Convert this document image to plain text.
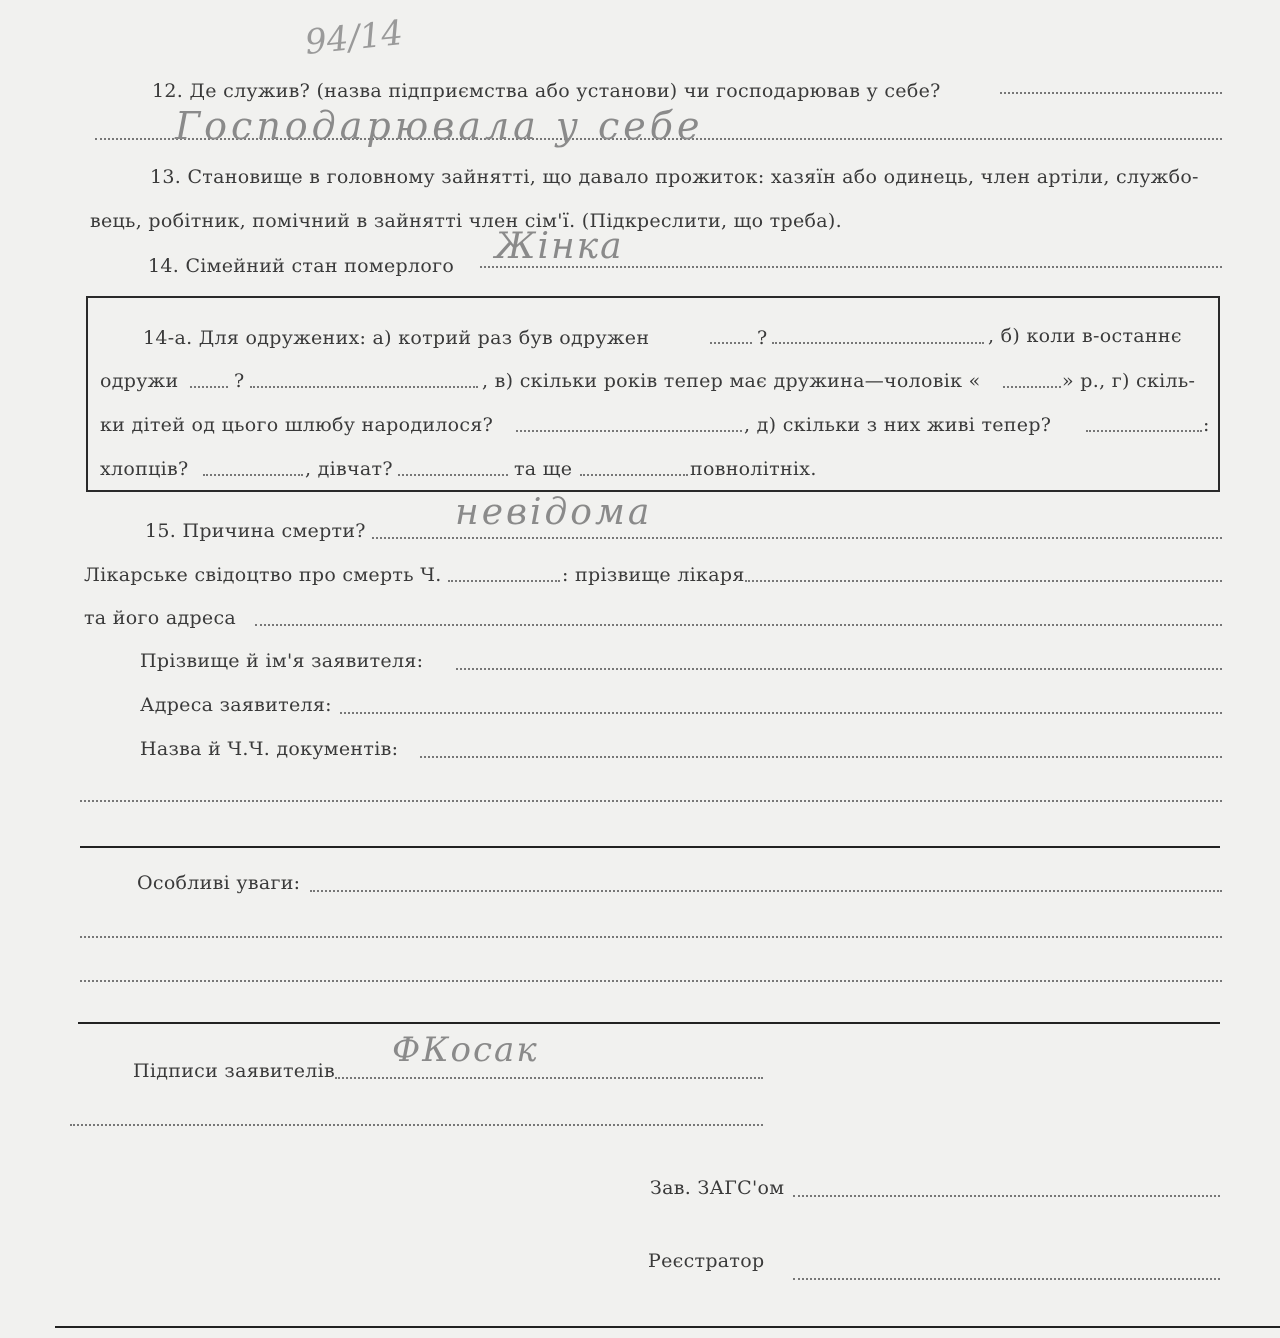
94/14
12. Де служив? (назва підприємства або установи) чи господарював у себе?
Господарювала у себе
13. Становище в головному зайнятті, що давало прожиток: хазяїн або одинець, член артіли, службо-
вець, робітник, помічний в зайнятті член сім'ї. (Підкреслити, що треба).
14. Сімейний стан померлого Жінка
14-а. Для одружених: а) котрий раз був одружен	?	, б) коли в-останнє
одружи	?	, в) скільки років тепер має дружина—чоловік «	» р., г) скіль-
ки дітей од цього шлюбу народилося?	, д) скільки з них живі тепер?	:
хлопців?	, дівчат?	та ще	повнолітніх.
15. Причина смерти? невідома
Лікарське свідоцтво про смерть Ч.	: прізвище лікаря
та його адреса
Прізвище й ім'я заявителя:
Адреса заявителя:
Назва й Ч.Ч. документів:
Особливі уваги:
ФКосак
Підписи заявителів
Зав. ЗАГС'ом
Реєстратор
